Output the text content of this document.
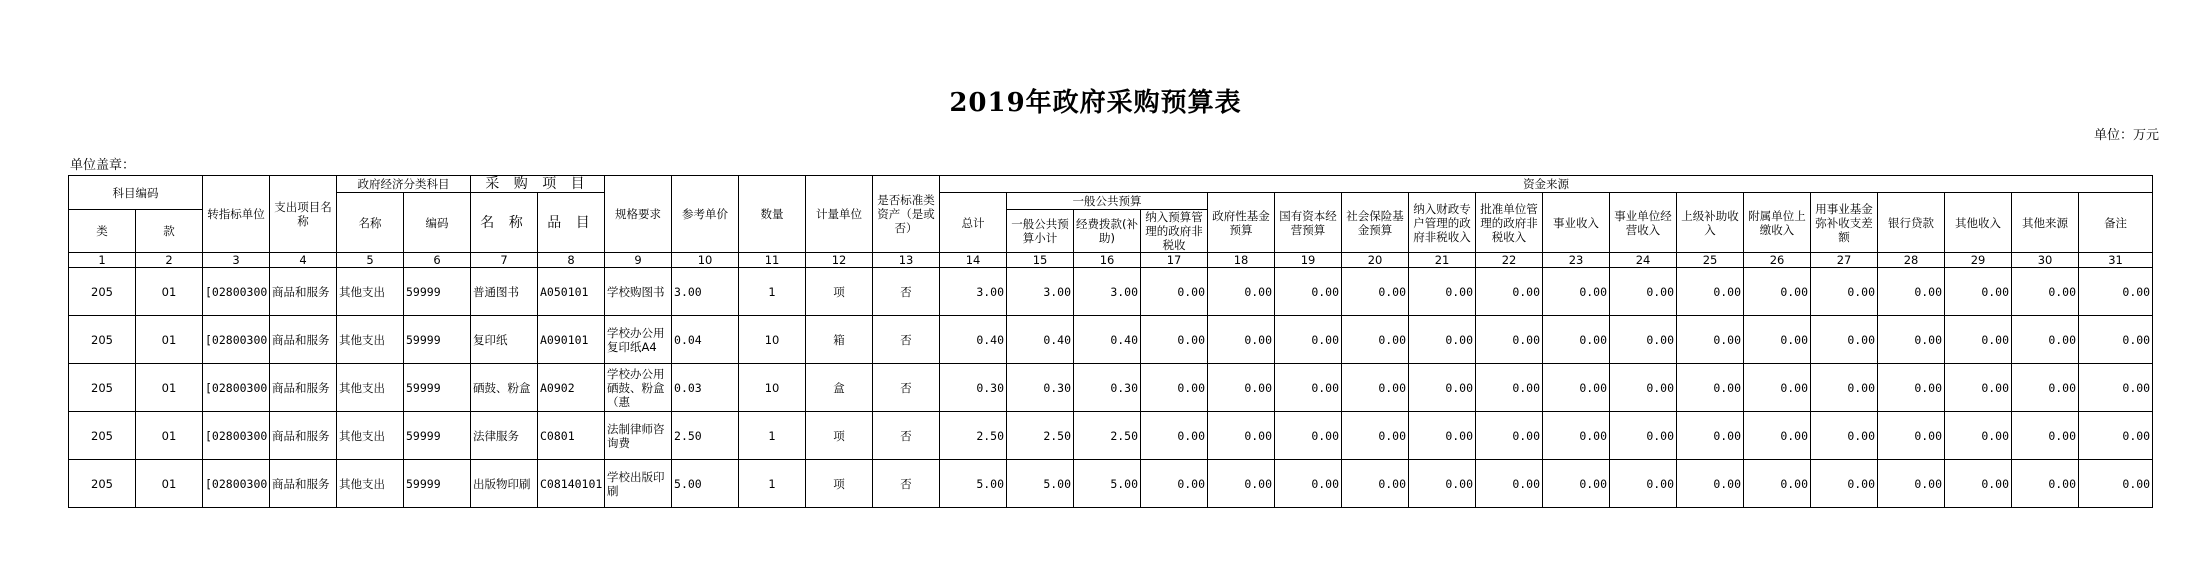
2019年政府采购预算表
单位：万元
单位盖章：
科目编码		转指标单位	支出项目名称	政府经济分类科目		采 购 项 目		规格要求	参考单价	数量	计量单位	是否标准类资产（是或否）	资金来源																	
				名称	编码	名 称	品 目						总计	一般公共预算			政府性基金预算	国有资本经营预算	社会保险基金预算	纳入财政专户管理的政府非税收入	批准单位管理的政府非税收入	事业收入	事业单位经营收入	上级补助收入	附属单位上缴收入	用事业基金弥补收支差额	银行贷款	其他收入	其他来源	备注
类	款													一般公共预算小计	经费拨款(补助)	纳入预算管理的政府非税收														
1	2	3	4	5	6	7	8	9	10	11	12	13	14	15	16	17	18	19	20	21	22	23	24	25	26	27	28	29	30	31
205	01	[02800300	商品和服务	其他支出	59999	普通图书	A050101	学校购图书	3.00	1	项	否	3.00	3.00	3.00	0.00	0.00	0.00	0.00	0.00	0.00	0.00	0.00	0.00	0.00	0.00	0.00	0.00	0.00	0.00
205	01	[02800300	商品和服务	其他支出	59999	复印纸	A090101	学校办公用复印纸A4	0.04	10	箱	否	0.40	0.40	0.40	0.00	0.00	0.00	0.00	0.00	0.00	0.00	0.00	0.00	0.00	0.00	0.00	0.00	0.00	0.00
205	01	[02800300	商品和服务	其他支出	59999	硒鼓、粉盒	A0902	学校办公用硒鼓、粉盒（惠	0.03	10	盒	否	0.30	0.30	0.30	0.00	0.00	0.00	0.00	0.00	0.00	0.00	0.00	0.00	0.00	0.00	0.00	0.00	0.00	0.00
205	01	[02800300	商品和服务	其他支出	59999	法律服务	C0801	法制律师咨询费	2.50	1	项	否	2.50	2.50	2.50	0.00	0.00	0.00	0.00	0.00	0.00	0.00	0.00	0.00	0.00	0.00	0.00	0.00	0.00	0.00
205	01	[02800300	商品和服务	其他支出	59999	出版物印刷	C08140101	学校出版印刷	5.00	1	项	否	5.00	5.00	5.00	0.00	0.00	0.00	0.00	0.00	0.00	0.00	0.00	0.00	0.00	0.00	0.00	0.00	0.00	0.00
